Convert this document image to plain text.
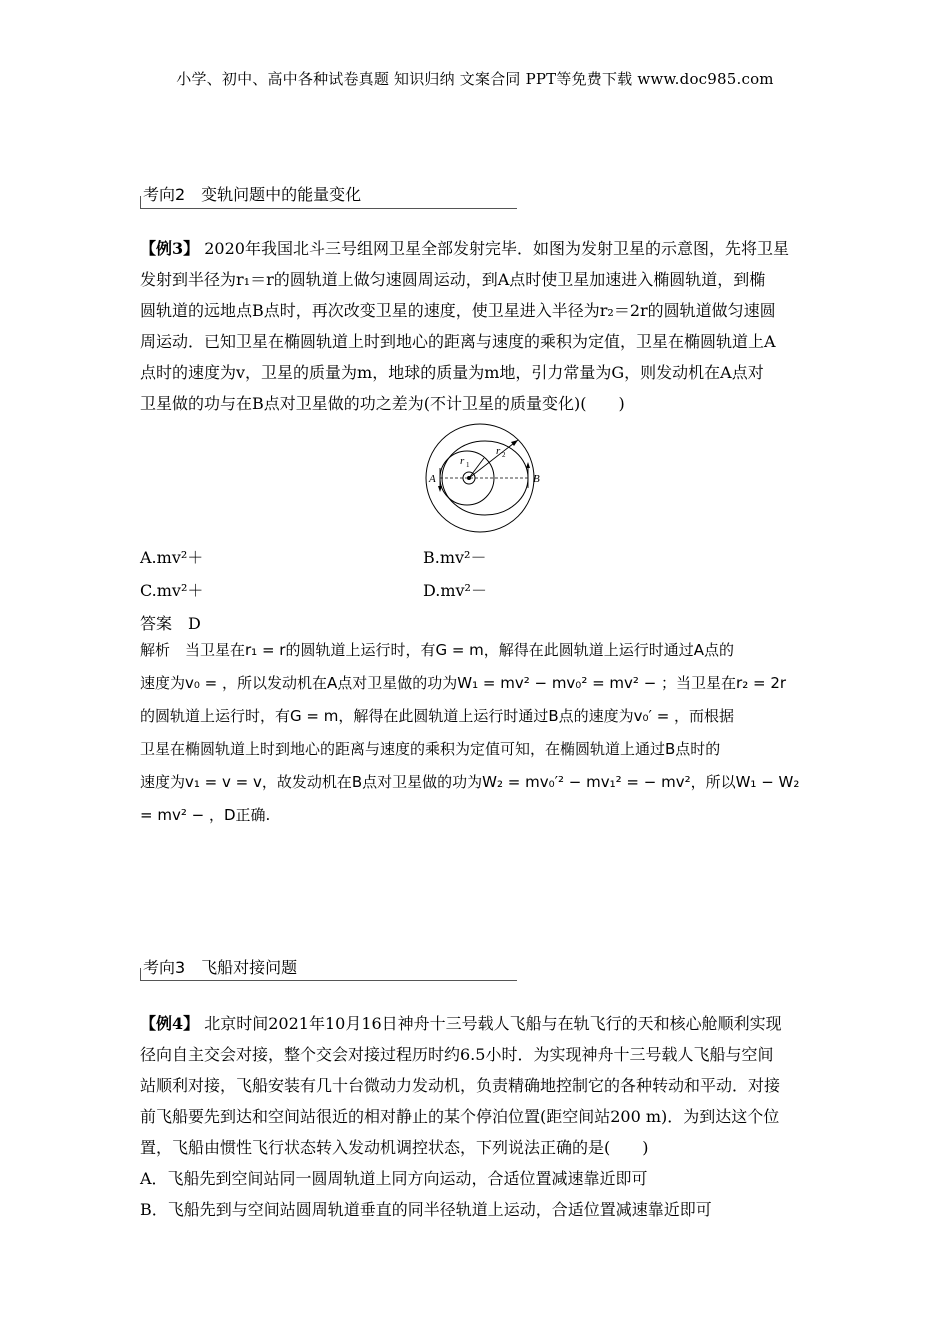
小学、初中、高中各种试卷真题 知识归纳 文案合同 PPT等免费下载 www.doc985.com
考向2　变轨问题中的能量变化
【例3】 2020年我国北斗三号组网卫星全部发射完毕．如图为发射卫星的示意图，先将卫星
发射到半径为r₁＝r的圆轨道上做匀速圆周运动，到A点时使卫星加速进入椭圆轨道，到椭
圆轨道的远地点B点时，再次改变卫星的速度，使卫星进入半径为r₂＝2r的圆轨道做匀速圆
周运动．已知卫星在椭圆轨道上时到地心的距离与速度的乘积为定值，卫星在椭圆轨道上A
点时的速度为v，卫星的质量为m，地球的质量为m地，引力常量为G，则发动机在A点对
卫星做的功与在B点对卫星做的功之差为(不计卫星的质量变化)(　　)
r 1
r 2
A	B
A.mv²＋	B.mv²－
C.mv²＋	D.mv²－
答案　D
解析　当卫星在r₁ = r的圆轨道上运行时，有G = m，解得在此圆轨道上运行时通过A点的
速度为v₀ = ，所以发动机在A点对卫星做的功为W₁ = mv² − mv₀² = mv² − ；当卫星在r₂ = 2r
的圆轨道上运行时，有G = m，解得在此圆轨道上运行时通过B点的速度为v₀′ = ，而根据
卫星在椭圆轨道上时到地心的距离与速度的乘积为定值可知，在椭圆轨道上通过B点时的
速度为v₁ = v = v，故发动机在B点对卫星做的功为W₂ = mv₀′² − mv₁² = − mv²，所以W₁ − W₂
= mv² − ，D正确.
考向3　飞船对接问题
【例4】 北京时间2021年10月16日神舟十三号载人飞船与在轨飞行的天和核心舱顺利实现
径向自主交会对接，整个交会对接过程历时约6.5小时．为实现神舟十三号载人飞船与空间
站顺利对接，飞船安装有几十台微动力发动机，负责精确地控制它的各种转动和平动．对接
前飞船要先到达和空间站很近的相对静止的某个停泊位置(距空间站200 m)．为到达这个位
置，飞船由惯性飞行状态转入发动机调控状态，下列说法正确的是(　　)
A．飞船先到空间站同一圆周轨道上同方向运动，合适位置减速靠近即可
B．飞船先到与空间站圆周轨道垂直的同半径轨道上运动，合适位置减速靠近即可
